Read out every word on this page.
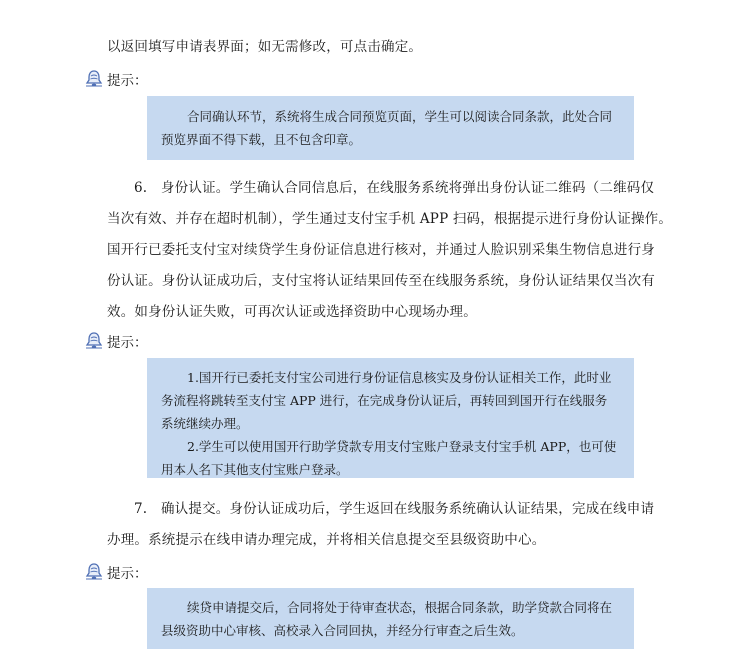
以返回填写申请表界面；如无需修改，可点击确定。

提示：
合同确认环节，系统将生成合同预览页面，学生可以阅读合同条款，此处合同
预览界面不得下载，且不包含印章。
6.　身份认证。学生确认合同信息后，在线服务系统将弹出身份认证二维码（二维码仅
当次有效、并存在超时机制），学生通过支付宝手机 APP 扫码，根据提示进行身份认证操作。
国开行已委托支付宝对续贷学生身份证信息进行核对，并通过人脸识别采集生物信息进行身
份认证。身份认证成功后，支付宝将认证结果回传至在线服务系统，身份认证结果仅当次有
效。如身份认证失败，可再次认证或选择资助中心现场办理。
提示：
1.国开行已委托支付宝公司进行身份证信息核实及身份认证相关工作，此时业
务流程将跳转至支付宝 APP 进行，在完成身份认证后，再转回到国开行在线服务
系统继续办理。
2.学生可以使用国开行助学贷款专用支付宝账户登录支付宝手机 APP，也可使
用本人名下其他支付宝账户登录。
7.　确认提交。身份认证成功后，学生返回在线服务系统确认认证结果，完成在线申请
办理。系统提示在线申请办理完成，并将相关信息提交至县级资助中心。
提示：
续贷申请提交后，合同将处于待审查状态，根据合同条款，助学贷款合同将在
县级资助中心审核、高校录入合同回执，并经分行审查之后生效。
